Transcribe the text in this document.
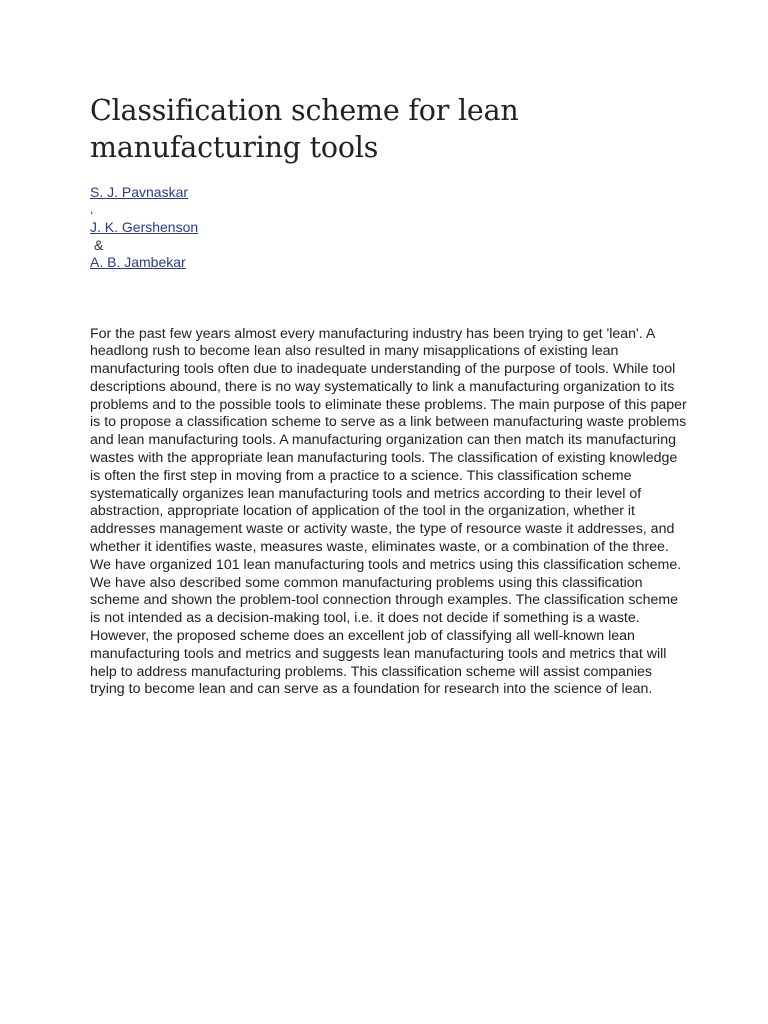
Classification scheme for lean manufacturing tools
S. J. Pavnaskar
,
J. K. Gershenson
&
A. B. Jambekar

For the past few years almost every manufacturing industry has been trying to get 'lean'. A headlong rush to become lean also resulted in many misapplications of existing lean manufacturing tools often due to inadequate understanding of the purpose of tools. While tool descriptions abound, there is no way systematically to link a manufacturing organization to its problems and to the possible tools to eliminate these problems. The main purpose of this paper is to propose a classification scheme to serve as a link between manufacturing waste problems and lean manufacturing tools. A manufacturing organization can then match its manufacturing wastes with the appropriate lean manufacturing tools. The classification of existing knowledge is often the first step in moving from a practice to a science. This classification scheme systematically organizes lean manufacturing tools and metrics according to their level of abstraction, appropriate location of application of the tool in the organization, whether it addresses management waste or activity waste, the type of resource waste it addresses, and whether it identifies waste, measures waste, eliminates waste, or a combination of the three. We have organized 101 lean manufacturing tools and metrics using this classification scheme. We have also described some common manufacturing problems using this classification scheme and shown the problem-tool connection through examples. The classification scheme is not intended as a decision-making tool, i.e. it does not decide if something is a waste. However, the proposed scheme does an excellent job of classifying all well-known lean manufacturing tools and metrics and suggests lean manufacturing tools and metrics that will help to address manufacturing problems. This classification scheme will assist companies trying to become lean and can serve as a foundation for research into the science of lean.
